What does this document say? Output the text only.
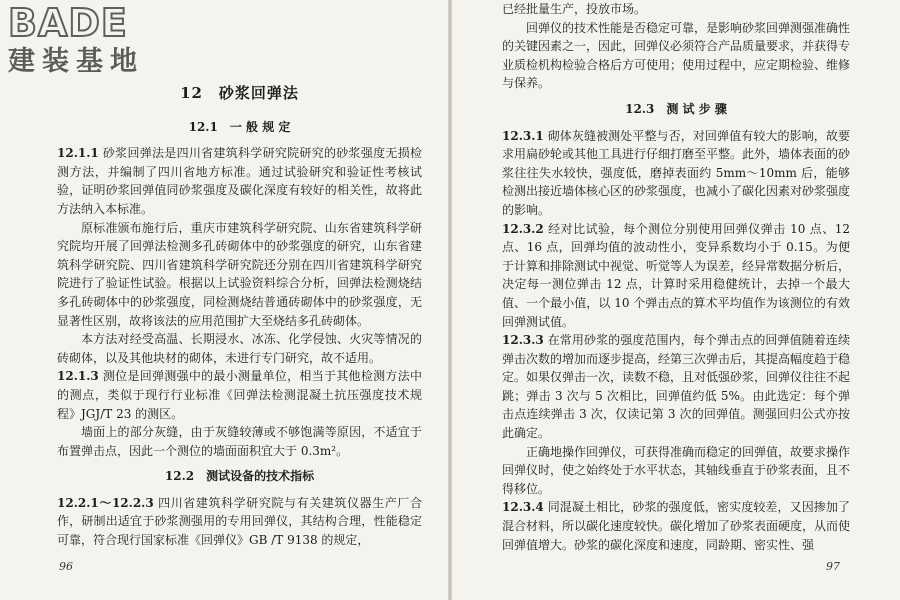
BADE
建装基地
12　砂浆回弹法
12.1 一 般 规 定

12.1.1 砂浆回弹法是四川省建筑科学研究院研究的砂浆强度无损检测方法，并编制了四川省地方标准。通过试验研究和验证性考核试验，证明砂浆回弹值同砂浆强度及碳化深度有较好的相关性，故将此方法纳入本标准。

原标准颁布施行后，重庆市建筑科学研究院、山东省建筑科学研究院均开展了回弹法检测多孔砖砌体中的砂浆强度的研究，山东省建筑科学研究院、四川省建筑科学研究院还分别在四川省建筑科学研究院进行了验证性试验。根据以上试验资料综合分析，回弹法检测烧结多孔砖砌体中的砂浆强度，同检测烧结普通砖砌体中的砂浆强度，无显著性区别，故将该法的应用范围扩大至烧结多孔砖砌体。

本方法对经受高温、长期浸水、冰冻、化学侵蚀、火灾等情况的砖砌体，以及其他块材的砌体，未进行专门研究，故不适用。

12.1.3 测位是回弹测强中的最小测量单位，相当于其他检测方法中的测点，类似于现行行业标准《回弹法检测混凝土抗压强度技术规程》JGJ/T 23 的测区。

墙面上的部分灰缝，由于灰缝较薄或不够饱满等原因，不适宜于布置弹击点，因此一个测位的墙面面积宜大于 0.3m²。

12.2 测试设备的技术指标

12.2.1～12.2.3 四川省建筑科学研究院与有关建筑仪器生产厂合作，研制出适宜于砂浆测强用的专用回弹仪，其结构合理，性能稳定可靠，符合现行国家标准《回弹仪》GB /T 9138 的规定，

96

已经批量生产，投放市场。

回弹仪的技术性能是否稳定可靠，是影响砂浆回弹测强准确性的关键因素之一，因此，回弹仪必须符合产品质量要求，并获得专业质检机构检验合格后方可使用；使用过程中，应定期检验、维修与保养。

12.3 测 试 步 骤

12.3.1 砌体灰缝被测处平整与否，对回弹值有较大的影响，故要求用扁砂轮或其他工具进行仔细打磨至平整。此外，墙体表面的砂浆往往失水较快，强度低，磨掉表面约 5mm～10mm 后，能够检测出接近墙体核心区的砂浆强度，也减小了碳化因素对砂浆强度的影响。

12.3.2 经对比试验，每个测位分别使用回弹仪弹击 10 点、12 点、16 点，回弹均值的波动性小，变异系数均小于 0.15。为便于计算和排除测试中视觉、听觉等人为误差，经异常数据分析后，决定每一测位弹击 12 点，计算时采用稳健统计，去掉一个最大值、一个最小值，以 10 个弹击点的算术平均值作为该测位的有效回弹测试值。

12.3.3 在常用砂浆的强度范围内，每个弹击点的回弹值随着连续弹击次数的增加而逐步提高，经第三次弹击后，其提高幅度趋于稳定。如果仅弹击一次，读数不稳，且对低强砂浆，回弹仪往往不起跳；弹击 3 次与 5 次相比，回弹值约低 5%。由此选定：每个弹击点连续弹击 3 次，仅读记第 3 次的回弹值。测强回归公式亦按此确定。

正确地操作回弹仪，可获得准确而稳定的回弹值，故要求操作回弹仪时，使之始终处于水平状态，其轴线垂直于砂浆表面，且不得移位。

12.3.4 同混凝土相比，砂浆的强度低，密实度较差，又因掺加了混合材料，所以碳化速度较快。碳化增加了砂浆表面硬度，从而使回弹值增大。砂浆的碳化深度和速度，同龄期、密实性、强

97
